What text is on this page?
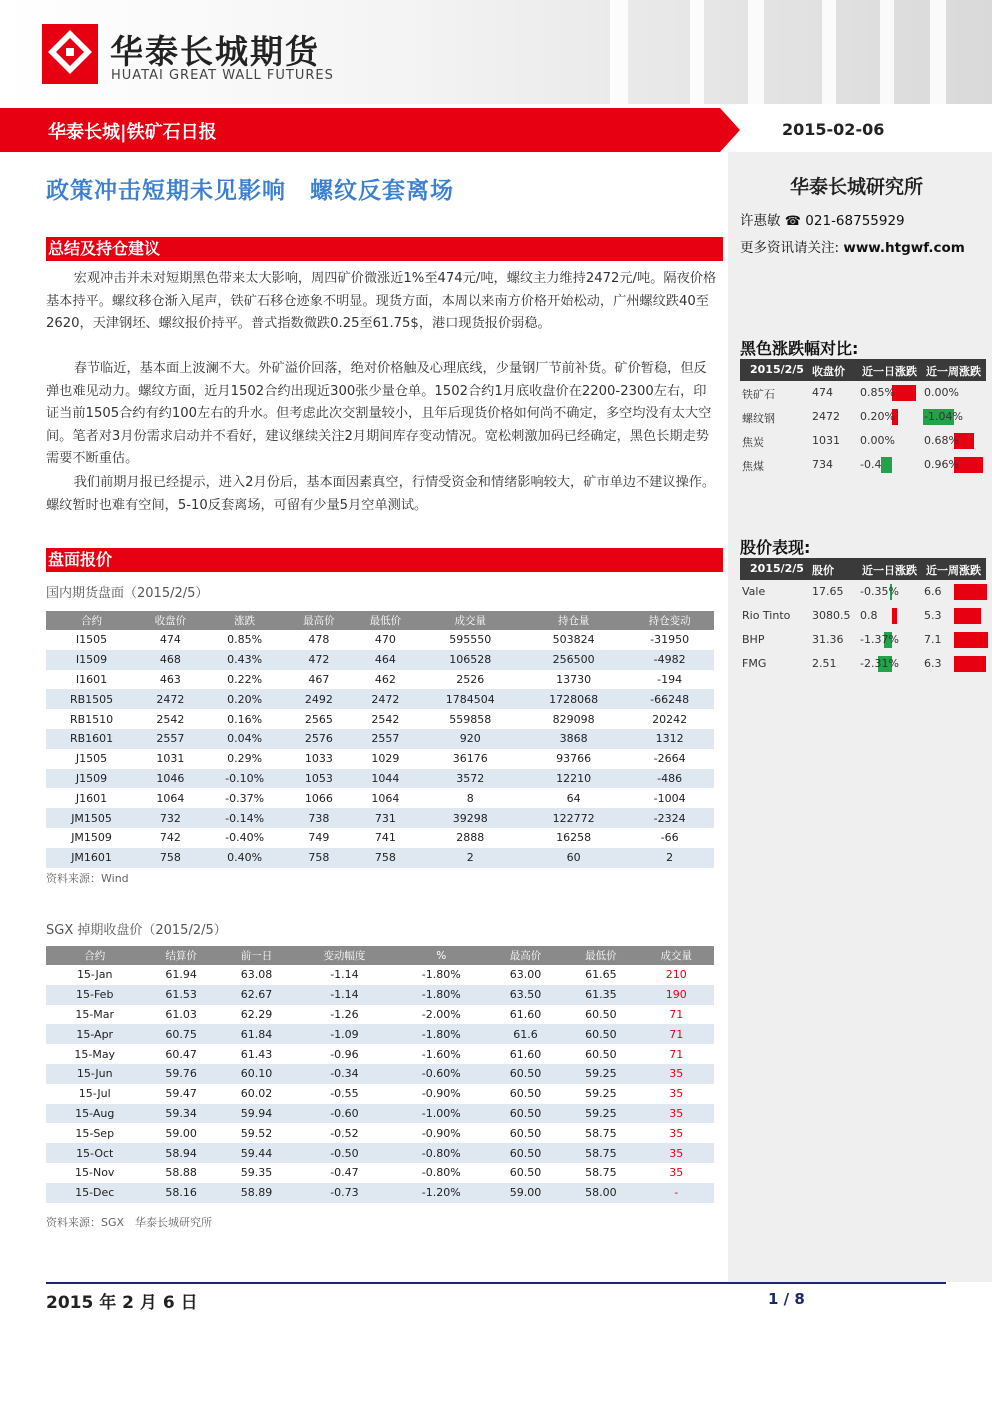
华泰长城期货
HUATAI GREAT WALL FUTURES
华泰长城|铁矿石日报	2015-02-06
华泰长城研究所
许惠敏 ☎ 021-68755929
更多资讯请关注: www.htgwf.com
政策冲击短期未见影响　螺纹反套离场
总结及持仓建议

宏观冲击并未对短期黑色带来太大影响，周四矿价微涨近1%至474元/吨，螺纹主力维持2472元/吨。隔夜价格基本持平。螺纹移仓渐入尾声，铁矿石移仓迹象不明显。现货方面，本周以来南方价格开始松动，广州螺纹跌40至2620，天津钢坯、螺纹报价持平。普式指数微跌0.25至61.75$，港口现货报价弱稳。

春节临近，基本面上波澜不大。外矿溢价回落，绝对价格触及心理底线，少量钢厂节前补货。矿价暂稳，但反弹也难见动力。螺纹方面，近月1502合约出现近300张少量仓单。1502合约1月底收盘价在2200-2300左右，印证当前1505合约有约100左右的升水。但考虑此次交割量较小，且年后现货价格如何尚不确定，多空均没有太大空间。笔者对3月份需求启动并不看好，建议继续关注2月期间库存变动情况。宽松刺激加码已经确定，黑色长期走势需要不断重估。

我们前期月报已经提示，进入2月份后，基本面因素真空，行情受资金和情绪影响较大，矿市单边不建议操作。螺纹暂时也难有空间，5-10反套离场，可留有少量5月空单测试。

盘面报价
国内期货盘面（2015/2/5）
合约	收盘价	涨跌	最高价	最低价	成交量	持仓量	持仓变动
I1505	474	0.85%	478	470	595550	503824	-31950
I1509	468	0.43%	472	464	106528	256500	-4982
I1601	463	0.22%	467	462	2526	13730	-194
RB1505	2472	0.20%	2492	2472	1784504	1728068	-66248
RB1510	2542	0.16%	2565	2542	559858	829098	20242
RB1601	2557	0.04%	2576	2557	920	3868	1312
J1505	1031	0.29%	1033	1029	36176	93766	-2664
J1509	1046	-0.10%	1053	1044	3572	12210	-486
J1601	1064	-0.37%	1066	1064	8	64	-1004
JM1505	732	-0.14%	738	731	39298	122772	-2324
JM1509	742	-0.40%	749	741	2888	16258	-66
JM1601	758	0.40%	758	758	2	60	2
资料来源：Wind
SGX 掉期收盘价（2015/2/5）
合约	结算价	前一日	变动幅度	%	最高价	最低价	成交量
15-Jan	61.94	63.08	-1.14	-1.80%	63.00	61.65	210
15-Feb	61.53	62.67	-1.14	-1.80%	63.50	61.35	190
15-Mar	61.03	62.29	-1.26	-2.00%	61.60	60.50	71
15-Apr	60.75	61.84	-1.09	-1.80%	61.6	60.50	71
15-May	60.47	61.43	-0.96	-1.60%	61.60	60.50	71
15-Jun	59.76	60.10	-0.34	-0.60%	60.50	59.25	35
15-Jul	59.47	60.02	-0.55	-0.90%	60.50	59.25	35
15-Aug	59.34	59.94	-0.60	-1.00%	60.50	59.25	35
15-Sep	59.00	59.52	-0.52	-0.90%	60.50	58.75	35
15-Oct	58.94	59.44	-0.50	-0.80%	60.50	58.75	35
15-Nov	58.88	59.35	-0.47	-0.80%	60.50	58.75	35
15-Dec	58.16	58.89	-0.73	-1.20%	59.00	58.00	-
资料来源：SGX　华泰长城研究所
黑色涨跌幅对比:
2015/2/5 收盘价 近一日涨跌 近一周涨跌
铁矿石	474 0.85%	0.00%
螺纹钢	2472 0.20%	-1.04%
焦炭	1031 0.00%	0.68%
焦煤	734 -0.4	0.96%
股价表现:
2015/2/5 股价	近一日涨跌 近一周涨跌
Vale	17.65 -0.35% 6.6
Rio Tinto 3080.5 0.8	5.3
BHP	31.36 -1.37% 7.1
FMG	2.51 -2.31% 6.3
2015 年 2 月 6 日	1 / 8
